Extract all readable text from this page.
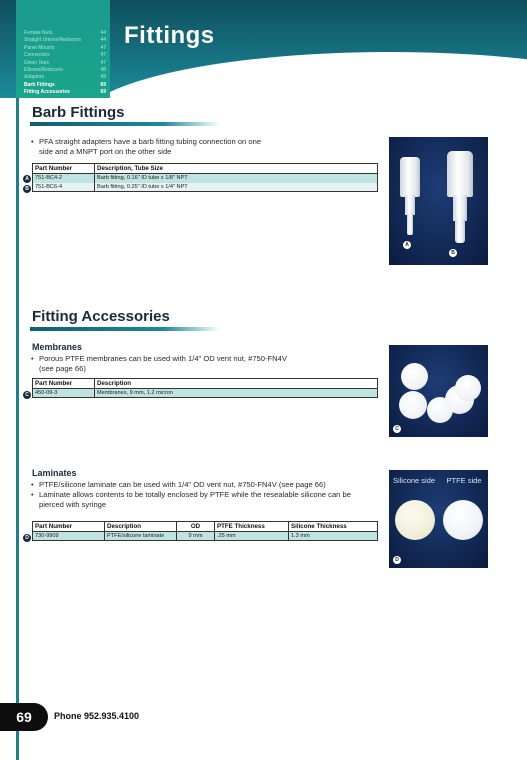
Female Nuts	44
Straight Unions/Reducers	44
Panel Mounts	47
Connectors	47
Union Tees	47
Elbows/Reducers	48
Adapters	49
Barb Fittings	69
Fitting Accessories	69
Fittings
Barb Fittings
• PFA straight adapters have a barb fitting tubing connection on one side and a MNPT port on the other side
Part Number	Description, Tube Size
751-BC4-2	Barb fitting, 0.16" ID tube x 1/8" NPT
751-BC6-4	Barb fitting, 0.25" ID tube x 1/4" NPT
A
B
A
B
Fitting Accessories
Membranes
• Porous PTFE membranes can be used with 1/4" OD vent nut, #750-FN4V (see page 66)
Part Number	Description
450-09-3	Membranes, 9 mm, 1.2 micron
C
C
Laminates
• PTFE/silicone laminate can be used with 1/4" OD vent nut, #750-FN4V (see page 66)
• Laminate allows contents to be totally enclosed by PTFE while the resealable silicone can be pierced with syringe
Part Number	Description	OD	PTFE Thickness	Silicone Thickness
730-9909	PTFE/silicone laminate	9 mm	.25 mm	1.3 mm
D
Silicone side	PTFE side
D
69	Phone 952.935.4100
